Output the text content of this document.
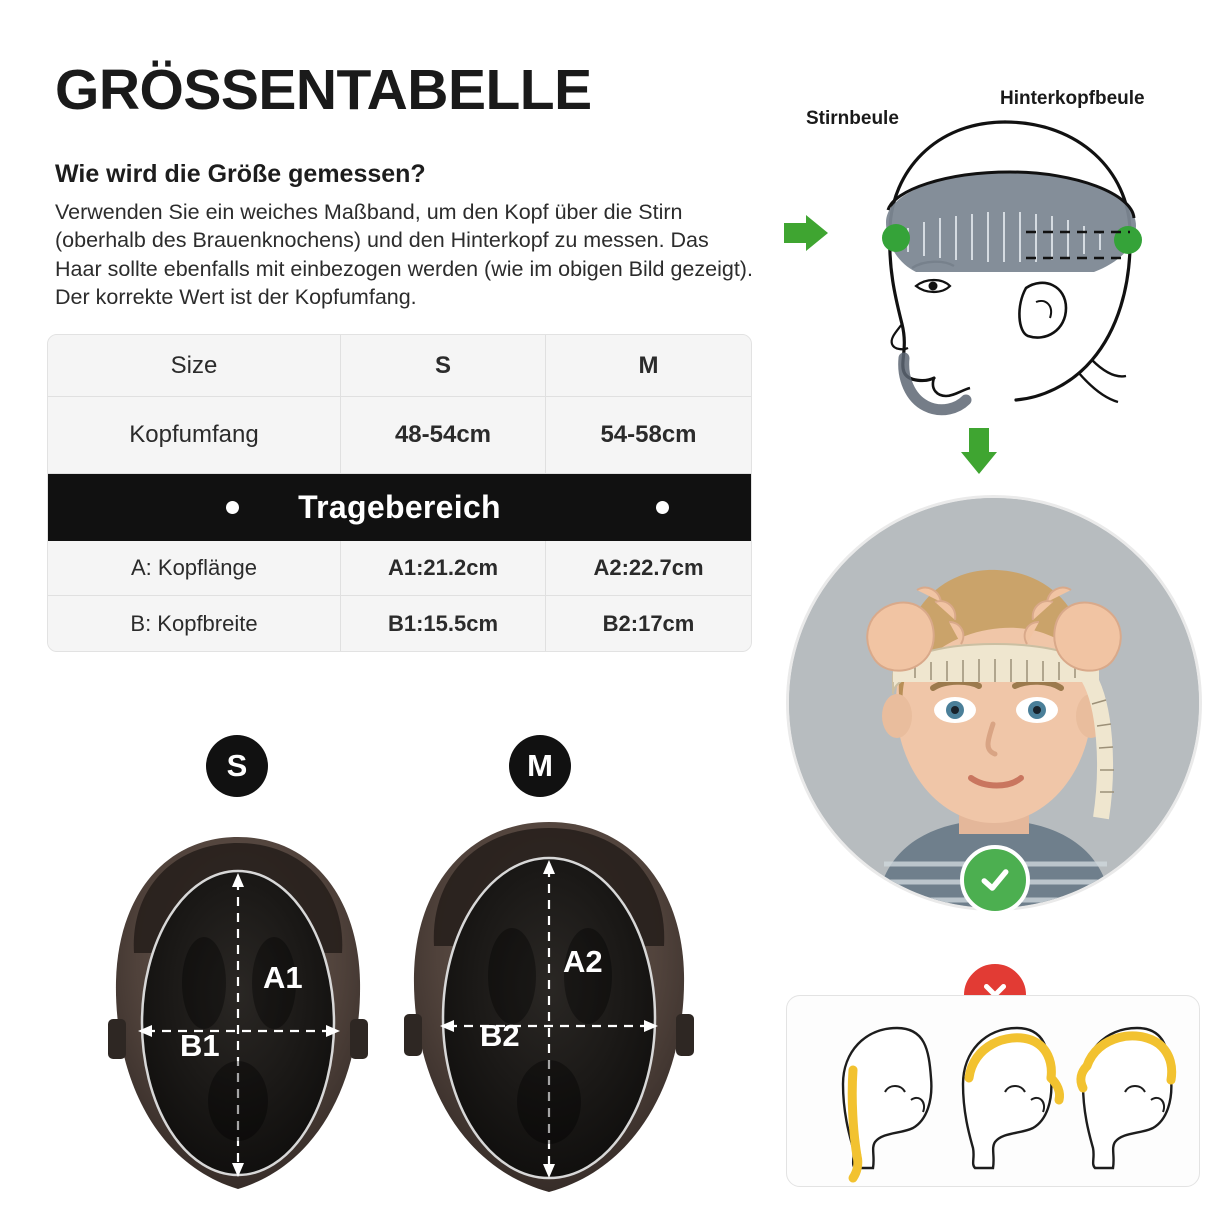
GRÖSSENTABELLE
Wie wird die Größe gemessen?
Verwenden Sie ein weiches Maßband, um den Kopf über die Stirn (oberhalb des Brauenknochens) und den Hinterkopf zu messen. Das Haar sollte ebenfalls mit einbezogen werden (wie im obigen Bild gezeigt). Der korrekte Wert ist der Kopfumfang.
Size	S	M
Kopfumfang	48-54cm	54-58cm
Tragebereich
A: Kopflänge	A1:21.2cm	A2:22.7cm
B: Kopfbreite	B1:15.5cm	B2:17cm
S	M
A1
B1
A2
B2
Stirnbeule
Hinterkopfbeule
